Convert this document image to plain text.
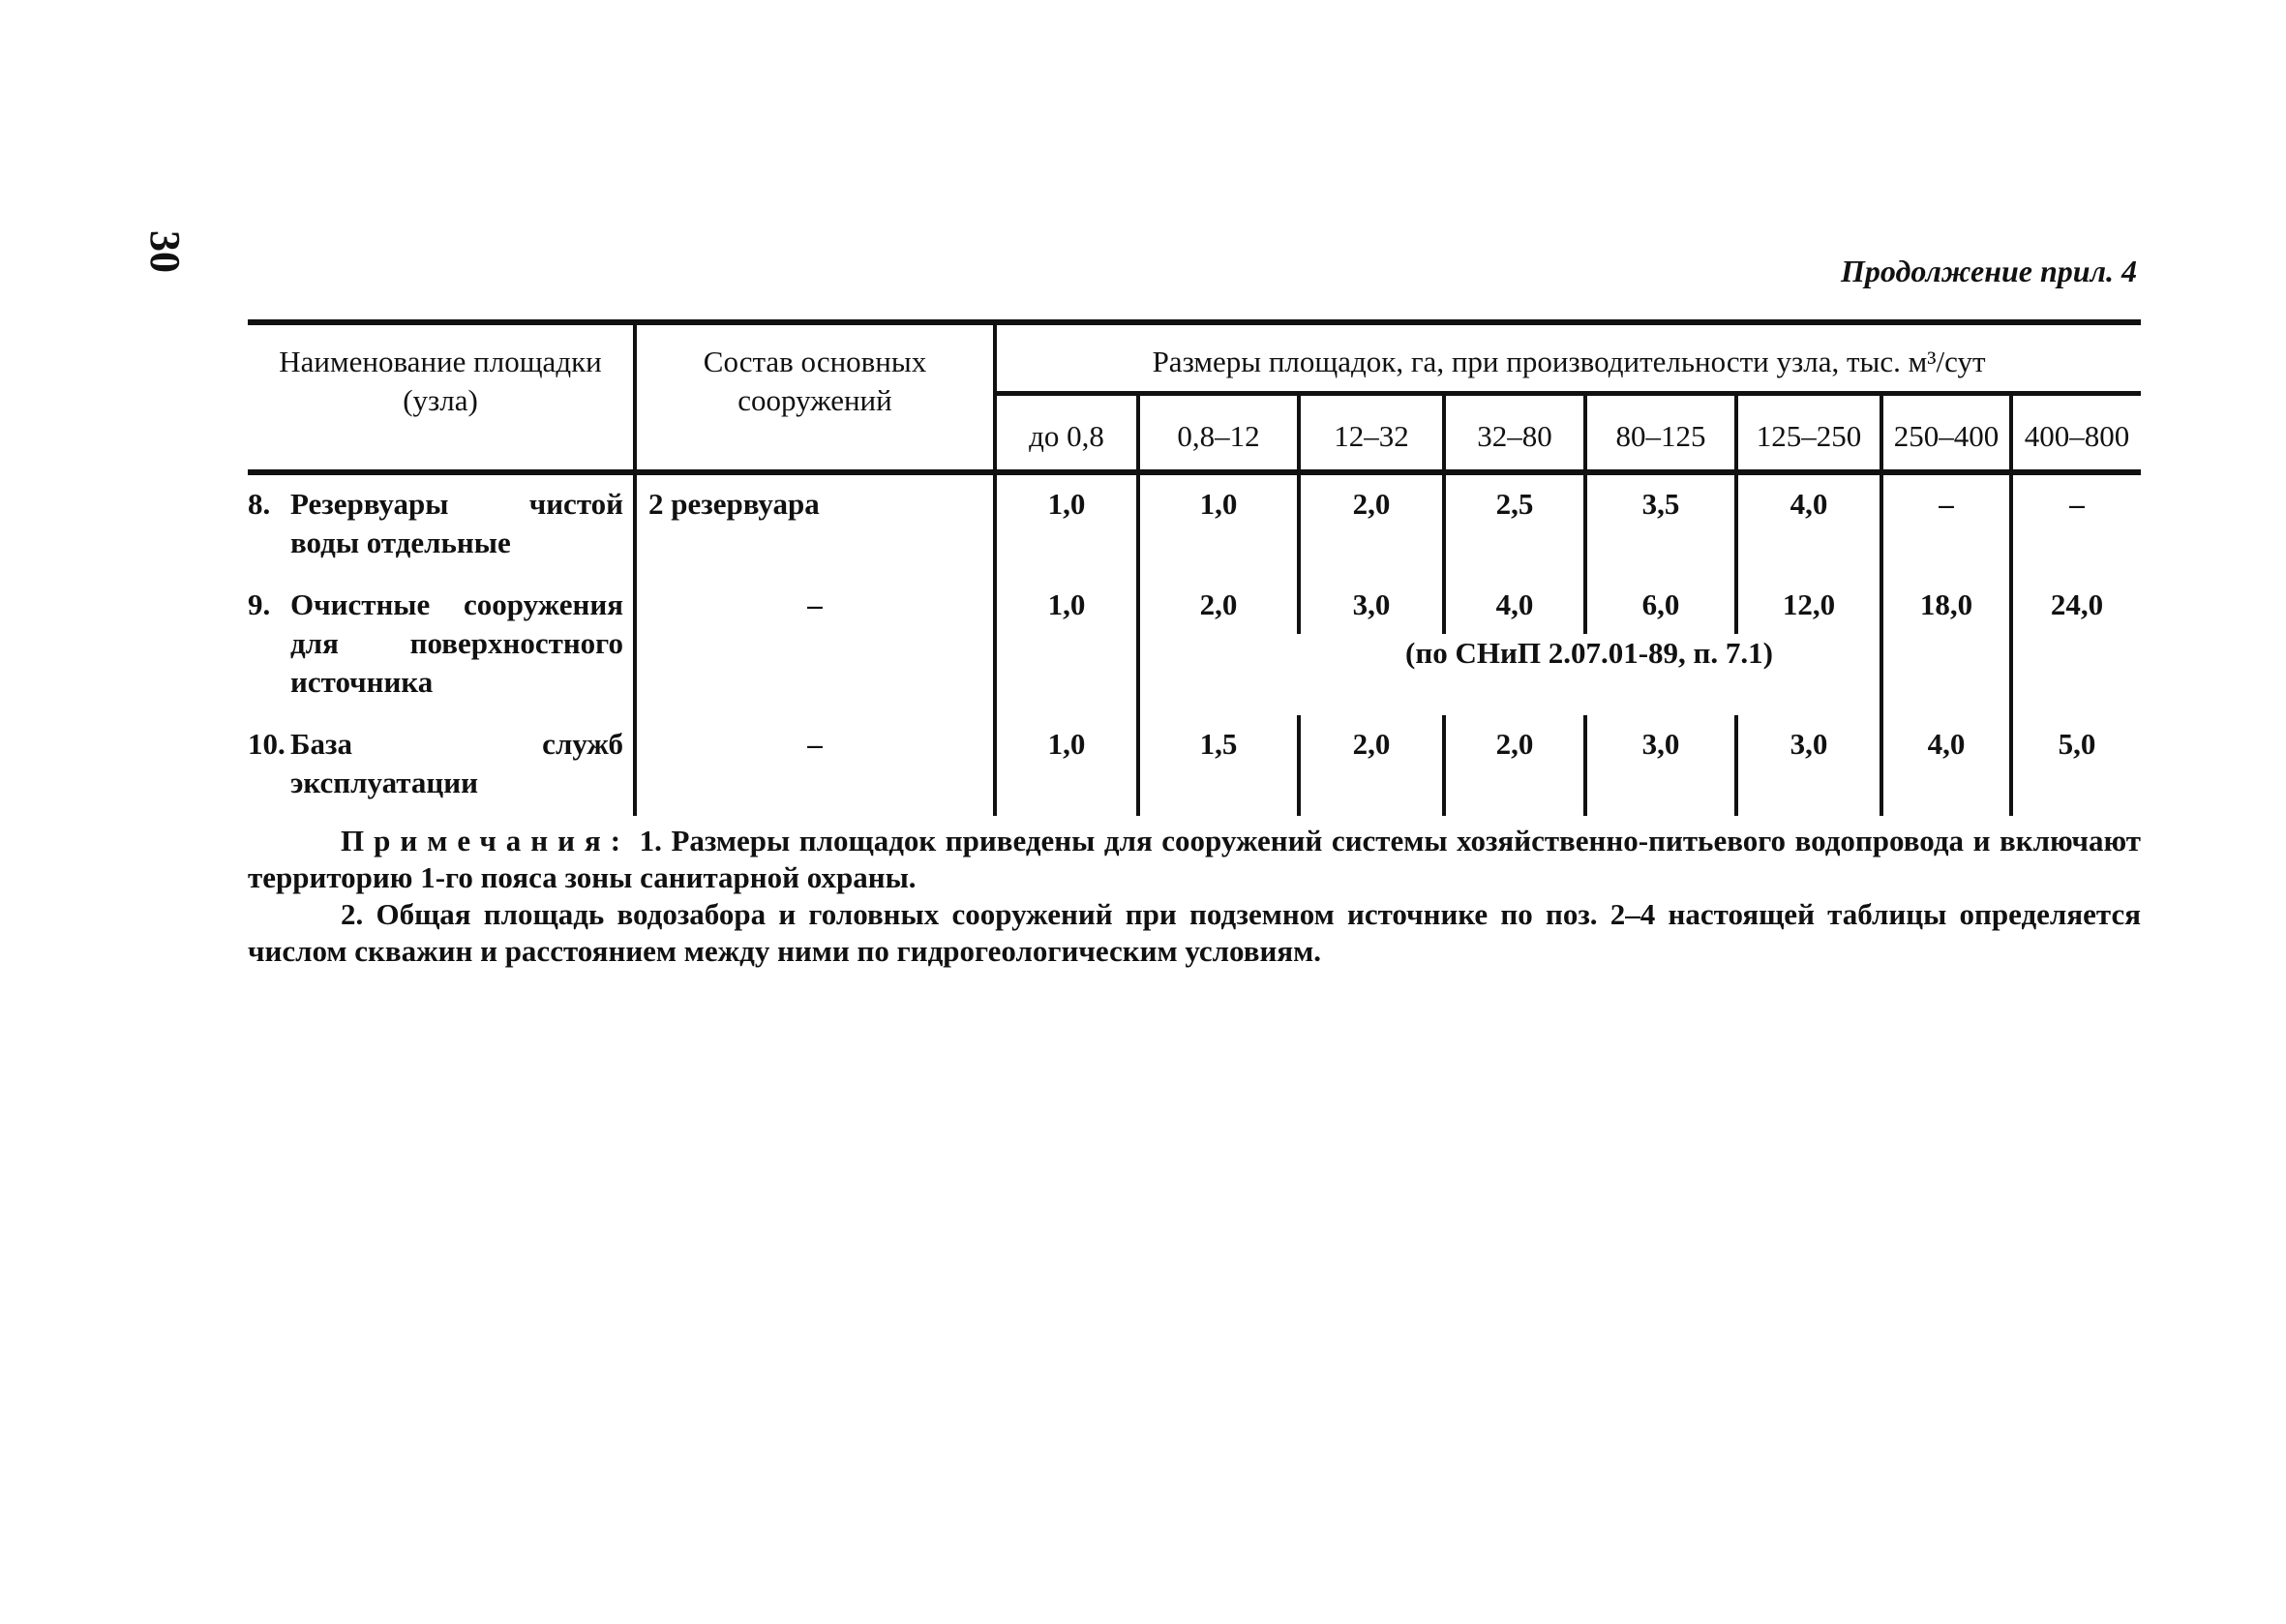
30	Продолжение прил. 4
Наименование площадки (узла)	Состав основных сооружений	Размеры площадок, га, при производительности узла, тыс. м³/сут							
		до 0,8	0,8–12	12–32	32–80	80–125	125–250	250–400	400–800

8. Резервуары чистой воды отдельные	2 резервуара	1,0	1,0	2,0	2,5	3,5	4,0	–	–

9. Очистные сооружения для поверхностного источника	–	1,0	2,0	3,0	4,0	6,0	12,0	18,0	24,0
				(по СНиП 2.07.01-89, п. 7.1)					

10. База служб эксплуатации	–	1,0	1,5	2,0	2,0	3,0	3,0	4,0	5,0

Примечания: 1. Размеры площадок приведены для сооружений системы хозяйственно-питьевого водопровода и включают территорию 1-го пояса зоны санитарной охраны.

2. Общая площадь водозабора и головных сооружений при подземном источнике по поз. 2–4 настоящей таблицы определяется числом скважин и расстоянием между ними по гидрогеологическим условиям.
